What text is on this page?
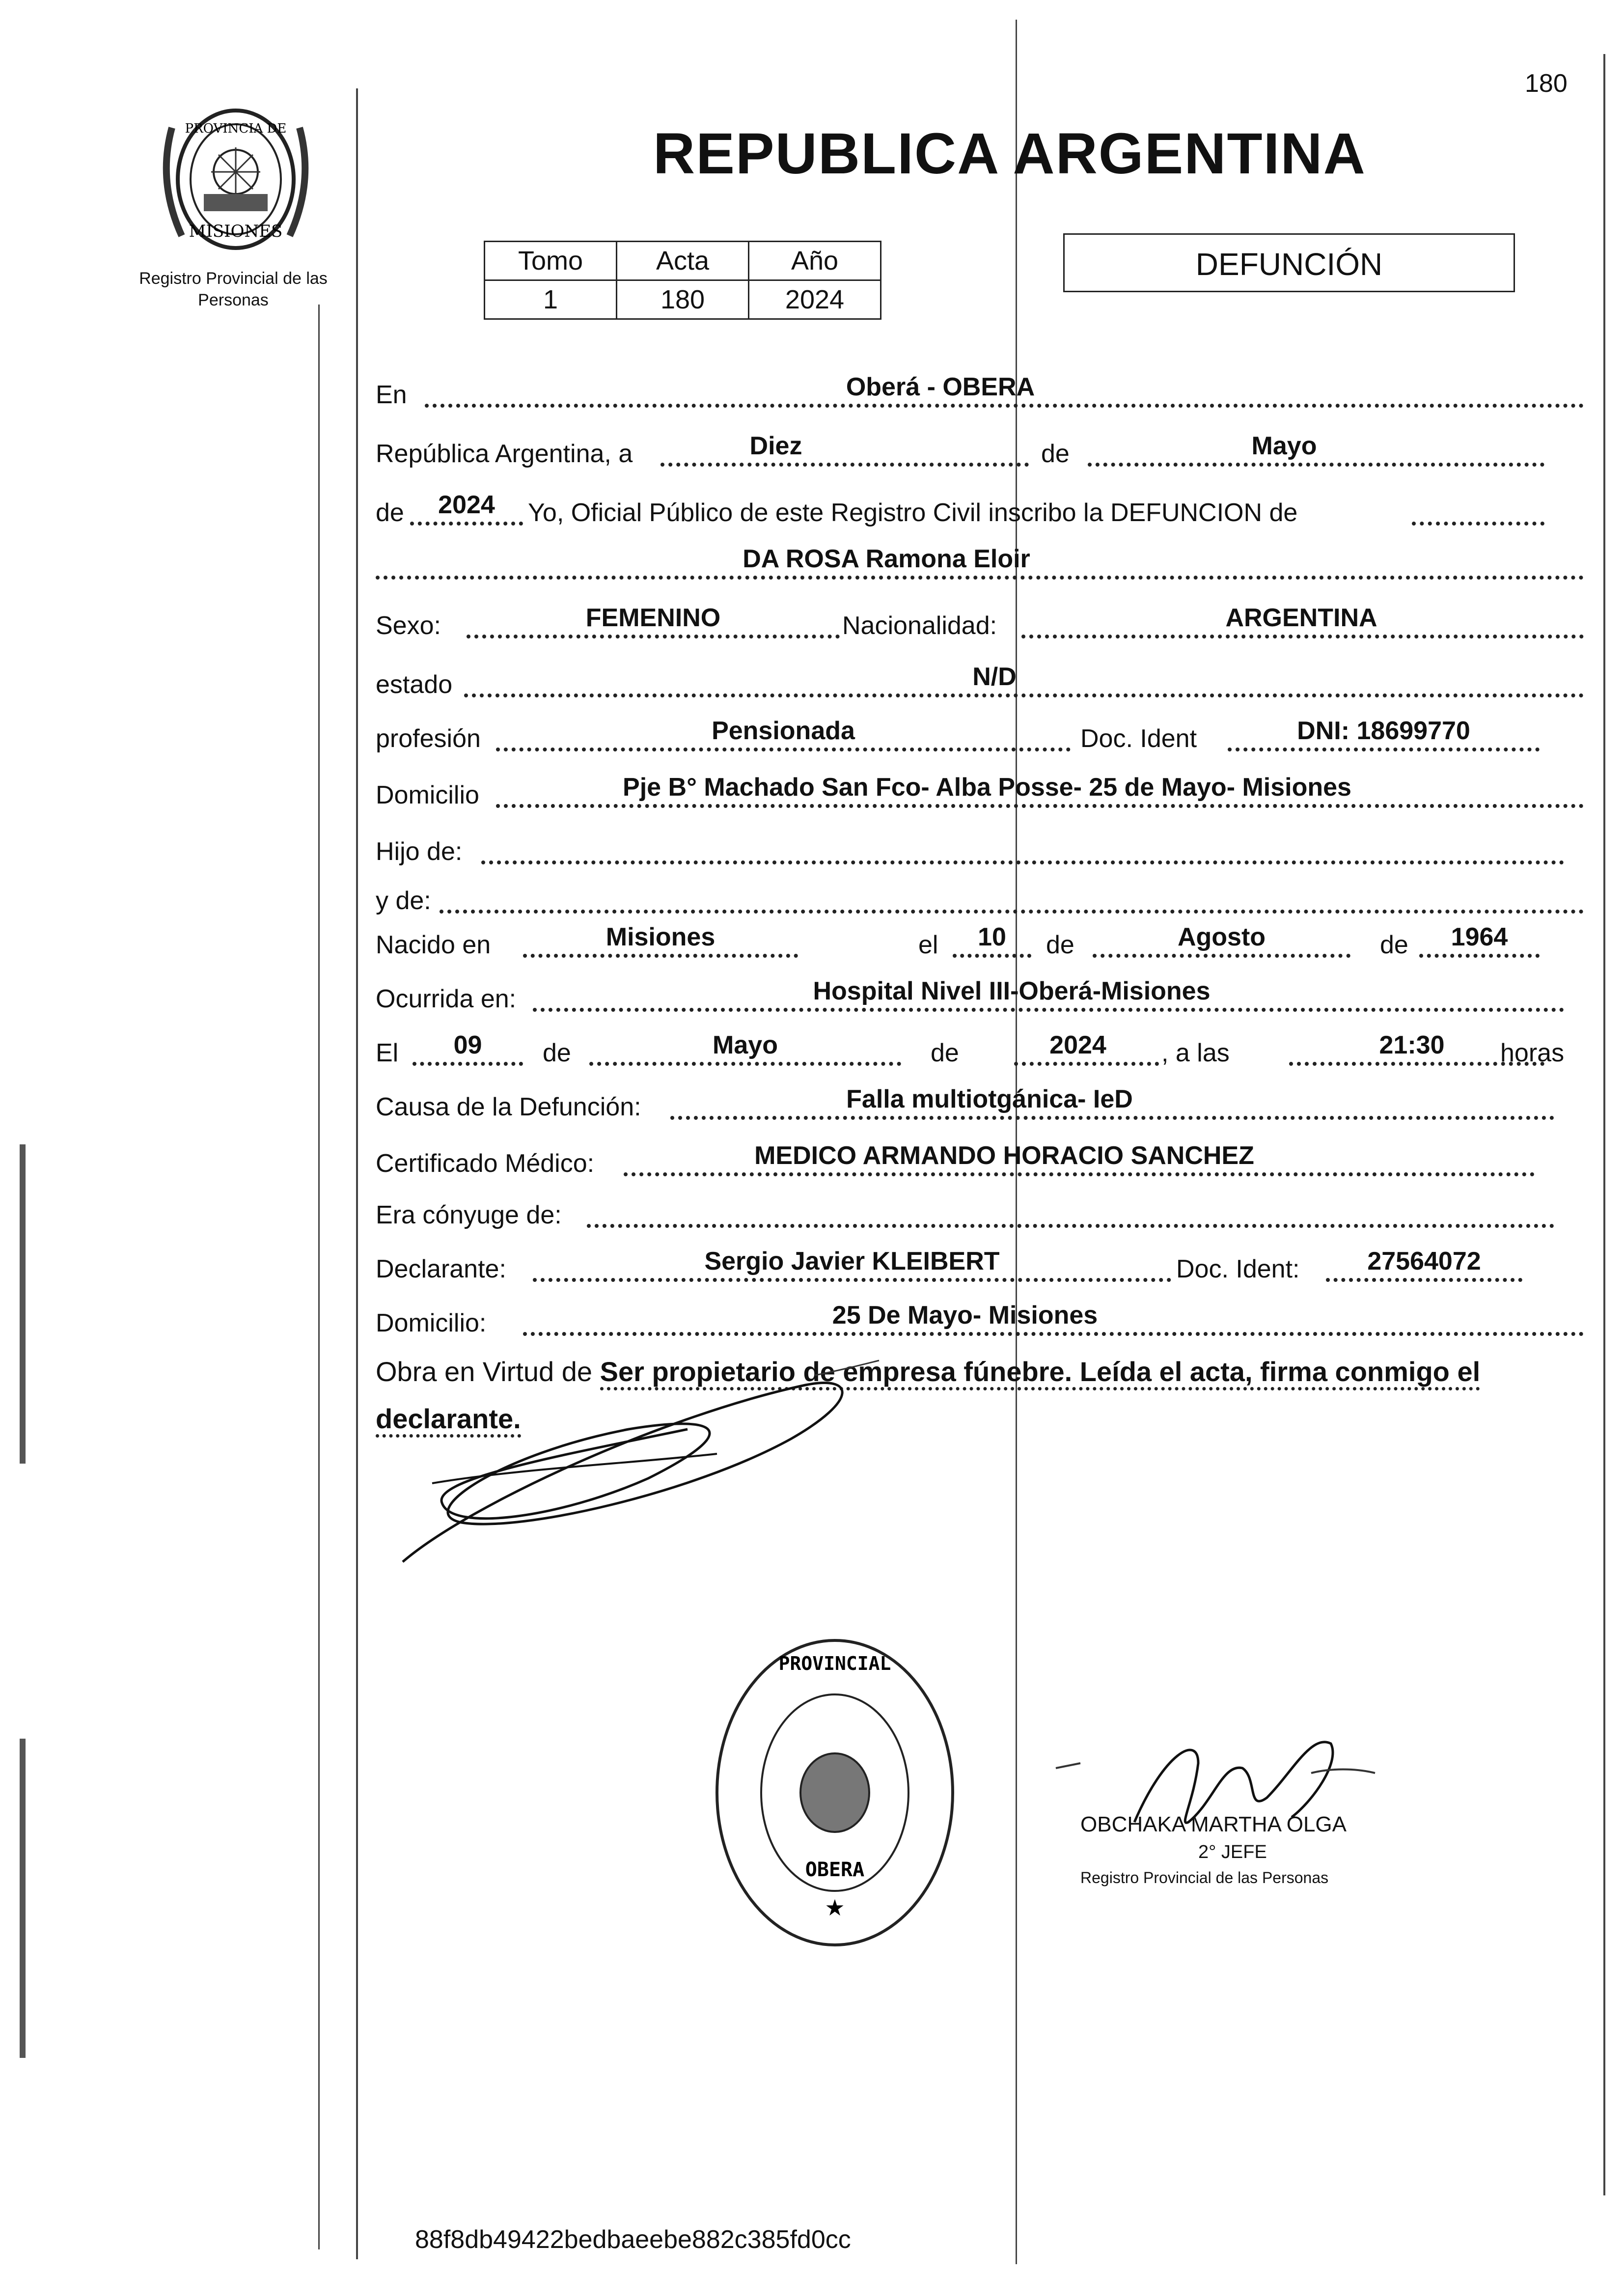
180
PROVINCIA DE
MISIONES
Registro Provincial de las Personas
REPUBLICA ARGENTINA
Tomo	Acta	Año
1	180	2024
DEFUNCIÓN
En	Oberá - OBERA
República Argentina, a	Diez	de	Mayo
de	2024	Yo, Oficial Público de este Registro Civil inscribo la DEFUNCION de
DA ROSA Ramona Eloir
Sexo:	FEMENINO	Nacionalidad:	ARGENTINA
estado	N/D
profesión	Pensionada	Doc. Ident	DNI: 18699770
Domicilio	Pje B° Machado San Fco- Alba Posse- 25 de Mayo- Misiones
Hijo de:
y de:
Nacido en	Misiones	el	10	de	Agosto	de	1964
Ocurrida en:	Hospital Nivel III-Oberá-Misiones
El	09	de	Mayo	de	2024	, a las	21:30	horas
Causa de la Defunción:	Falla multiotgánica- IeD
Certificado Médico:	MEDICO ARMANDO HORACIO SANCHEZ
Era cónyuge de:
Declarante:	Sergio Javier KLEIBERT	Doc. Ident:	27564072
Domicilio:	25 De Mayo- Misiones
Obra en Virtud de Ser propietario de empresa fúnebre. Leída el acta, firma conmigo el declarante.
PROVINCIAL
OBERA
★
OBCHAKA MARTHA OLGA
2° JEFE
Registro Provincial de las Personas
88f8db49422bedbaeebe882c385fd0cc
